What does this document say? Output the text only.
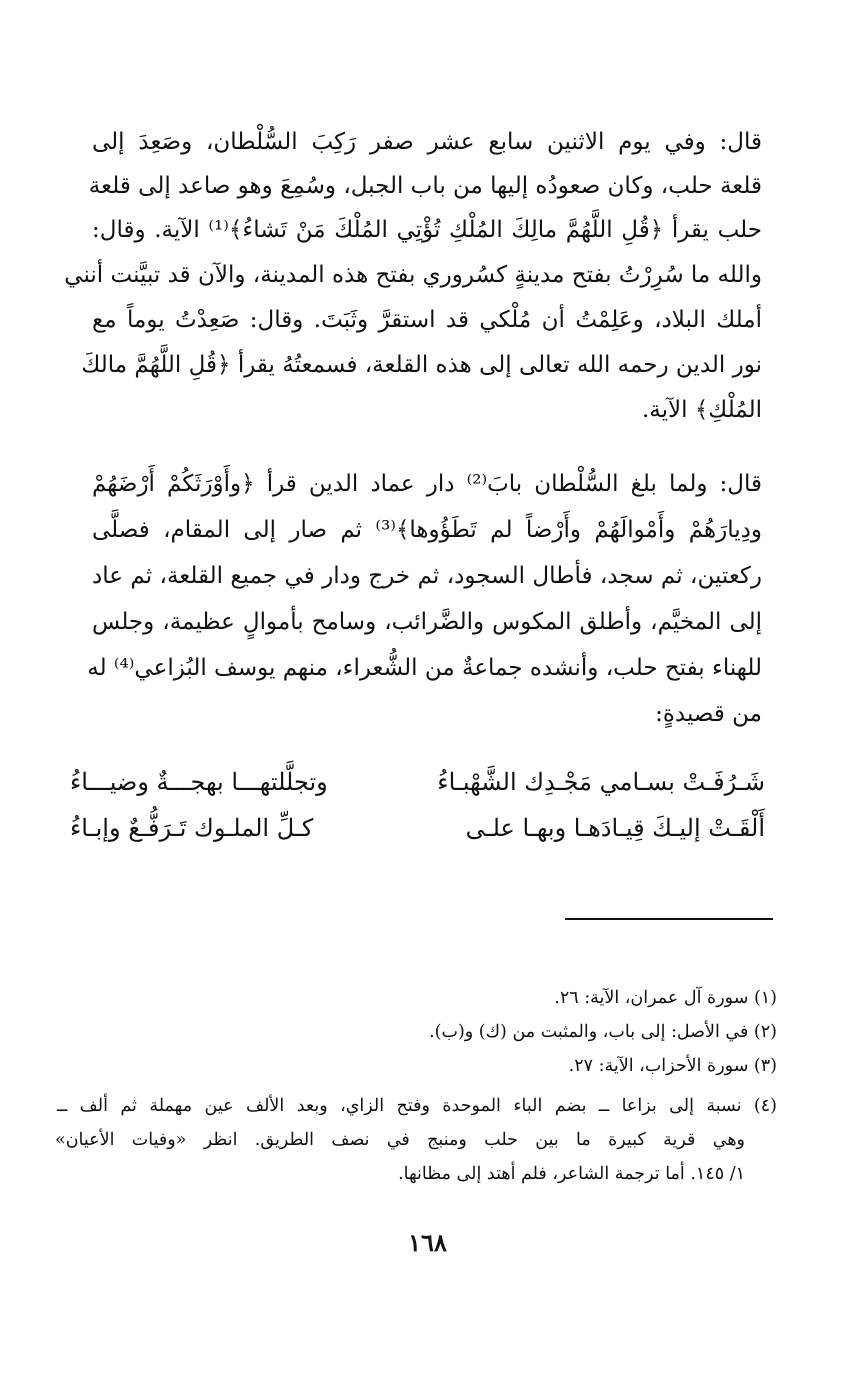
قال: وفي يوم الاثنين سابع عشر صفر رَكِبَ السُّلْطان، وصَعِدَ إلى
قلعة حلب، وكان صعودُه إليها من باب الجبل، وسُمِعَ وهو صاعد إلى قلعة
حلب يقرأ ﴿قُلِ اللَّهُمَّ مالِكَ المُلْكِ تُؤْتِي المُلْكَ مَنْ تَشاءُ﴾⁽¹⁾ الآية. وقال:
والله ما سُرِرْتُ بفتح مدينةٍ كسُروري بفتح هذه المدينة، والآن قد تبيَّنت أنني
أملك البلاد، وعَلِمْتُ أن مُلْكي قد استقرَّ وثَبَتَ. وقال: صَعِدْتُ يوماً مع
نور الدين رحمه الله تعالى إلى هذه القلعة، فسمعتُهُ يقرأ ﴿قُلِ اللَّهُمَّ مالكَ
المُلْكِ﴾ الآية.
قال: ولما بلغ السُّلْطان بابَ⁽²⁾ دار عماد الدين قرأ ﴿وأَوْرَثَكُمْ أَرْضَهُمْ
ودِيارَهُمْ وأَمْوالَهُمْ وأَرْضاً لم تَطَؤُوها﴾⁽³⁾ ثم صار إلى المقام، فصلَّى
ركعتين، ثم سجد، فأطال السجود، ثم خرج ودار في جميع القلعة، ثم عاد
إلى المخيَّم، وأطلق المكوس والضَّرائب، وسامح بأموالٍ عظيمة، وجلس
للهناء بفتح حلب، وأنشده جماعةٌ من الشُّعراء، منهم يوسف البُزاعي⁽⁴⁾ له
من قصيدةٍ:
شَـرُفَـتْ بسـامي مَجْـدِك الشَّهْبـاءُ
وتجلَّلتهـــا بهجـــةٌ وضيـــاءُ
أَلْقَـتْ إليـكَ قِيـادَهـا وبهـا علـى
كـلِّ الملـوك تَـرَفُّـعٌ وإبـاءُ
(١) سورة آل عمران، الآية: ٢٦.
(٢) في الأصل: إلى باب، والمثبت من (ك) و(ب).
(٣) سورة الأحزاب، الآية: ٢٧.
(٤) نسبة إلى بزاعا ــ بضم الباء الموحدة وفتح الزاي، وبعد الألف عين مهملة ثم ألف ــ
وهي قرية كبيرة ما بين حلب ومنبج في نصف الطريق. انظر «وفيات الأعيان»
١/ ١٤٥. أما ترجمة الشاعر، فلم أهتد إلى مظانها.
١٦٨
